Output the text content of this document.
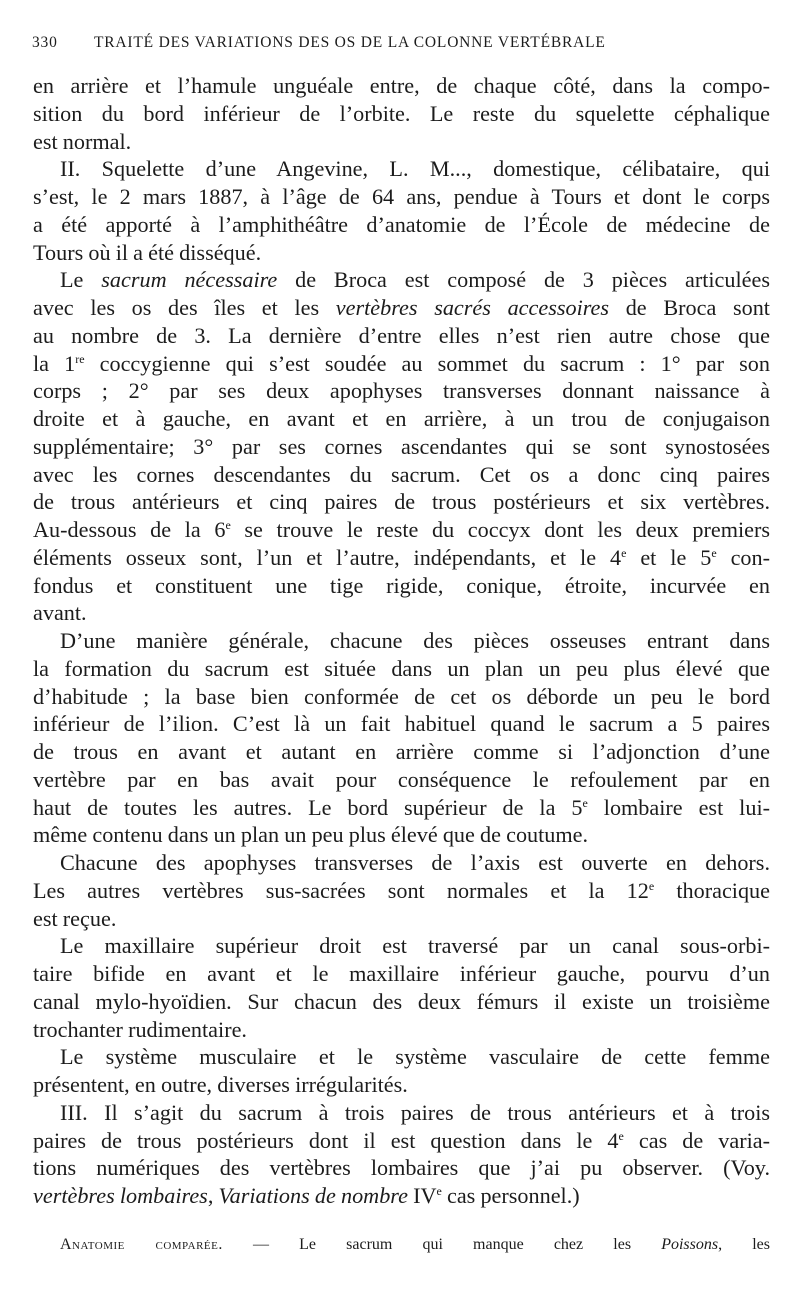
330 TRAITÉ DES VARIATIONS DES OS DE LA COLONNE VERTÉBRALE
en arrière et l’hamule unguéale entre, de chaque côté, dans la compo-
sition du bord inférieur de l’orbite. Le reste du squelette céphalique
est normal.
II. Squelette d’une Angevine, L. M..., domestique, célibataire, qui
s’est, le 2 mars 1887, à l’âge de 64 ans, pendue à Tours et dont le corps
a été apporté à l’amphithéâtre d’anatomie de l’École de médecine de
Tours où il a été disséqué.
Le sacrum nécessaire de Broca est composé de 3 pièces articulées
avec les os des îles et les vertèbres sacrés accessoires de Broca sont
au nombre de 3. La dernière d’entre elles n’est rien autre chose que
la 1re coccygienne qui s’est soudée au sommet du sacrum : 1° par son
corps ; 2° par ses deux apophyses transverses donnant naissance à
droite et à gauche, en avant et en arrière, à un trou de conjugaison
supplémentaire; 3° par ses cornes ascendantes qui se sont synostosées
avec les cornes descendantes du sacrum. Cet os a donc cinq paires
de trous antérieurs et cinq paires de trous postérieurs et six vertèbres.
Au-dessous de la 6e se trouve le reste du coccyx dont les deux premiers
éléments osseux sont, l’un et l’autre, indépendants, et le 4e et le 5e con-
fondus et constituent une tige rigide, conique, étroite, incurvée en
avant.
D’une manière générale, chacune des pièces osseuses entrant dans
la formation du sacrum est située dans un plan un peu plus élevé que
d’habitude ; la base bien conformée de cet os déborde un peu le bord
inférieur de l’ilion. C’est là un fait habituel quand le sacrum a 5 paires
de trous en avant et autant en arrière comme si l’adjonction d’une
vertèbre par en bas avait pour conséquence le refoulement par en
haut de toutes les autres. Le bord supérieur de la 5e lombaire est lui-
même contenu dans un plan un peu plus élevé que de coutume.
Chacune des apophyses transverses de l’axis est ouverte en dehors.
Les autres vertèbres sus-sacrées sont normales et la 12e thoracique
est reçue.
Le maxillaire supérieur droit est traversé par un canal sous-orbi-
taire bifide en avant et le maxillaire inférieur gauche, pourvu d’un
canal mylo-hyoïdien. Sur chacun des deux fémurs il existe un troisième
trochanter rudimentaire.
Le système musculaire et le système vasculaire de cette femme
présentent, en outre, diverses irrégularités.
III. Il s’agit du sacrum à trois paires de trous antérieurs et à trois
paires de trous postérieurs dont il est question dans le 4e cas de varia-
tions numériques des vertèbres lombaires que j’ai pu observer. (Voy.
vertèbres lombaires, Variations de nombre IVe cas personnel.)
Anatomie comparée. — Le sacrum qui manque chez les Poissons, les
